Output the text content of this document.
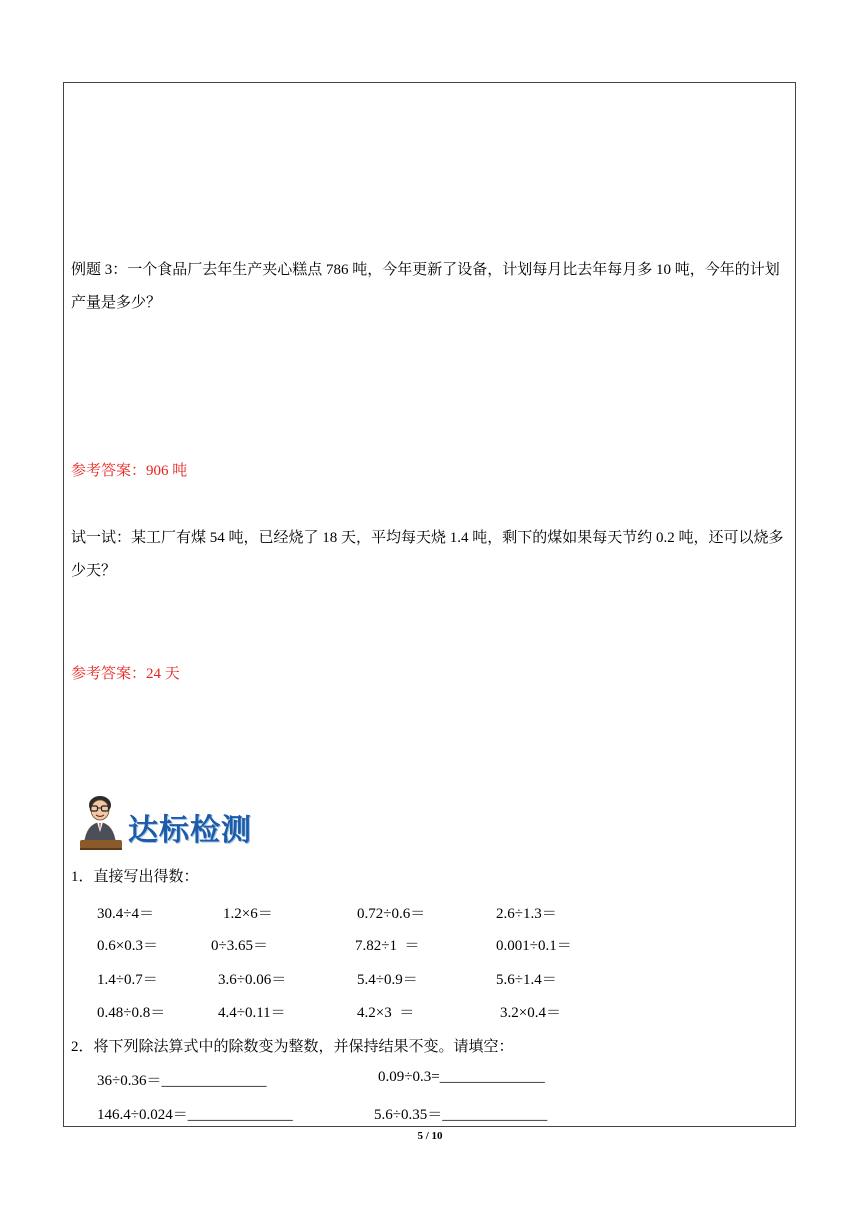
例题 3：一个食品厂去年生产夹心糕点 786 吨，今年更新了设备，计划每月比去年每月多 10 吨，今年的计划
产量是多少？

参考答案：906 吨

试一试：某工厂有煤 54 吨，已经烧了 18 天，平均每天烧 1.4 吨，剩下的煤如果每天节约 0.2 吨，还可以烧多
少天？

参考答案：24 天

达标检测

1．直接写出得数：

30.4÷4＝	1.2×6＝	0.72÷0.6＝	2.6÷1.3＝
0.6×0.3＝	0÷3.65＝	7.82÷1  ＝	0.001÷0.1＝
1.4÷0.7＝	3.6÷0.06＝	5.4÷0.9＝	5.6÷1.4＝
0.48÷0.8＝	4.4÷0.11＝	4.2×3  ＝	3.2×0.4＝

2．将下列除法算式中的除数变为整数，并保持结果不变。请填空：

36÷0.36＝______________	0.09÷0.3=______________
146.4÷0.024＝______________	5.6÷0.35＝______________
5 / 10
